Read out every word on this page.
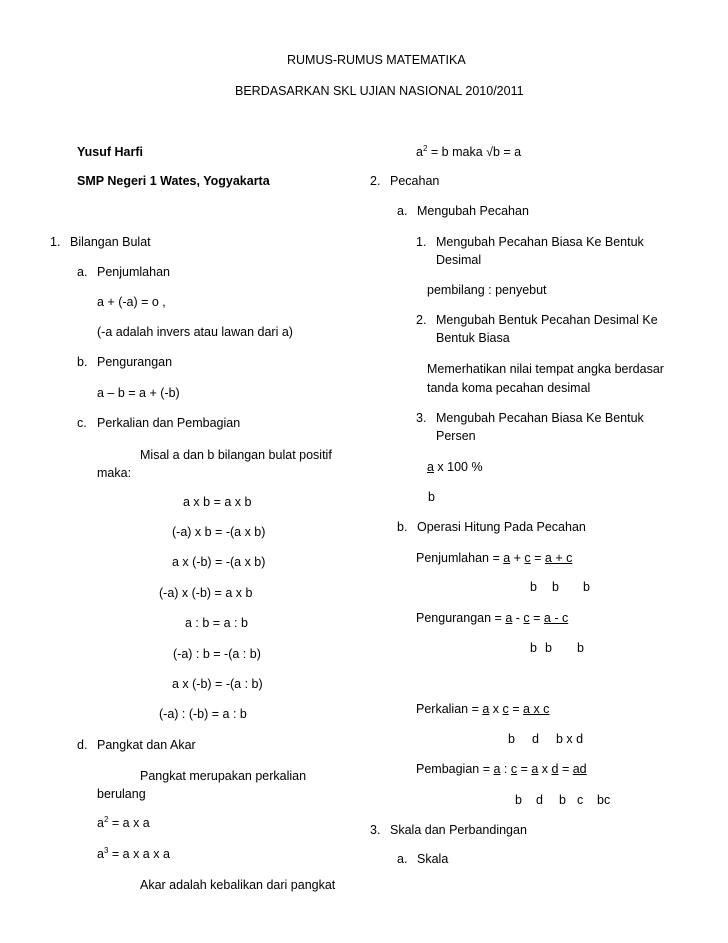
RUMUS-RUMUS MATEMATIKA
BERDASARKAN SKL UJIAN NASIONAL 2010/2011
Yusuf Harfi
SMP Negeri 1 Wates, Yogyakarta
1. Bilangan Bulat
a. Penjumlahan
a + (-a) = o ,
(-a adalah invers atau lawan dari a)
b. Pengurangan
a – b = a + (-b)
c. Perkalian dan Pembagian
Misal a dan b bilangan bulat positif
maka:
a x b = a x b
(-a) x b = -(a x b)
a x (-b) = -(a x b)
(-a) x (-b) = a x b
a : b = a : b
(-a) : b = -(a : b)
a x (-b) = -(a : b)
(-a) : (-b) = a : b
d. Pangkat dan Akar
Pangkat merupakan perkalian
berulang
$a^2 = a$ x a
$a^3 = a$ x a x a
Akar adalah kebalikan dari pangkat
$a^2 = b$ maka √b = a
2. Pecahan
a. Mengubah Pecahan
1. Mengubah Pecahan Biasa Ke Bentuk
Desimal
pembilang : penyebut
2. Mengubah Bentuk Pecahan Desimal Ke
Bentuk Biasa
Memerhatikan nilai tempat angka berdasar
tanda koma pecahan desimal
3. Mengubah Pecahan Biasa Ke Bentuk
Persen
a x 100 %
b
b. Operasi Hitung Pada Pecahan
Penjumlahan = a + c = a + c
b b b
Pengurangan = a - c = a - c
b b b
Perkalian = a x c = a x c
b d b x d
Pembagian = a : c = a x d = ad
b d b c bc
3. Skala dan Perbandingan
a. Skala
